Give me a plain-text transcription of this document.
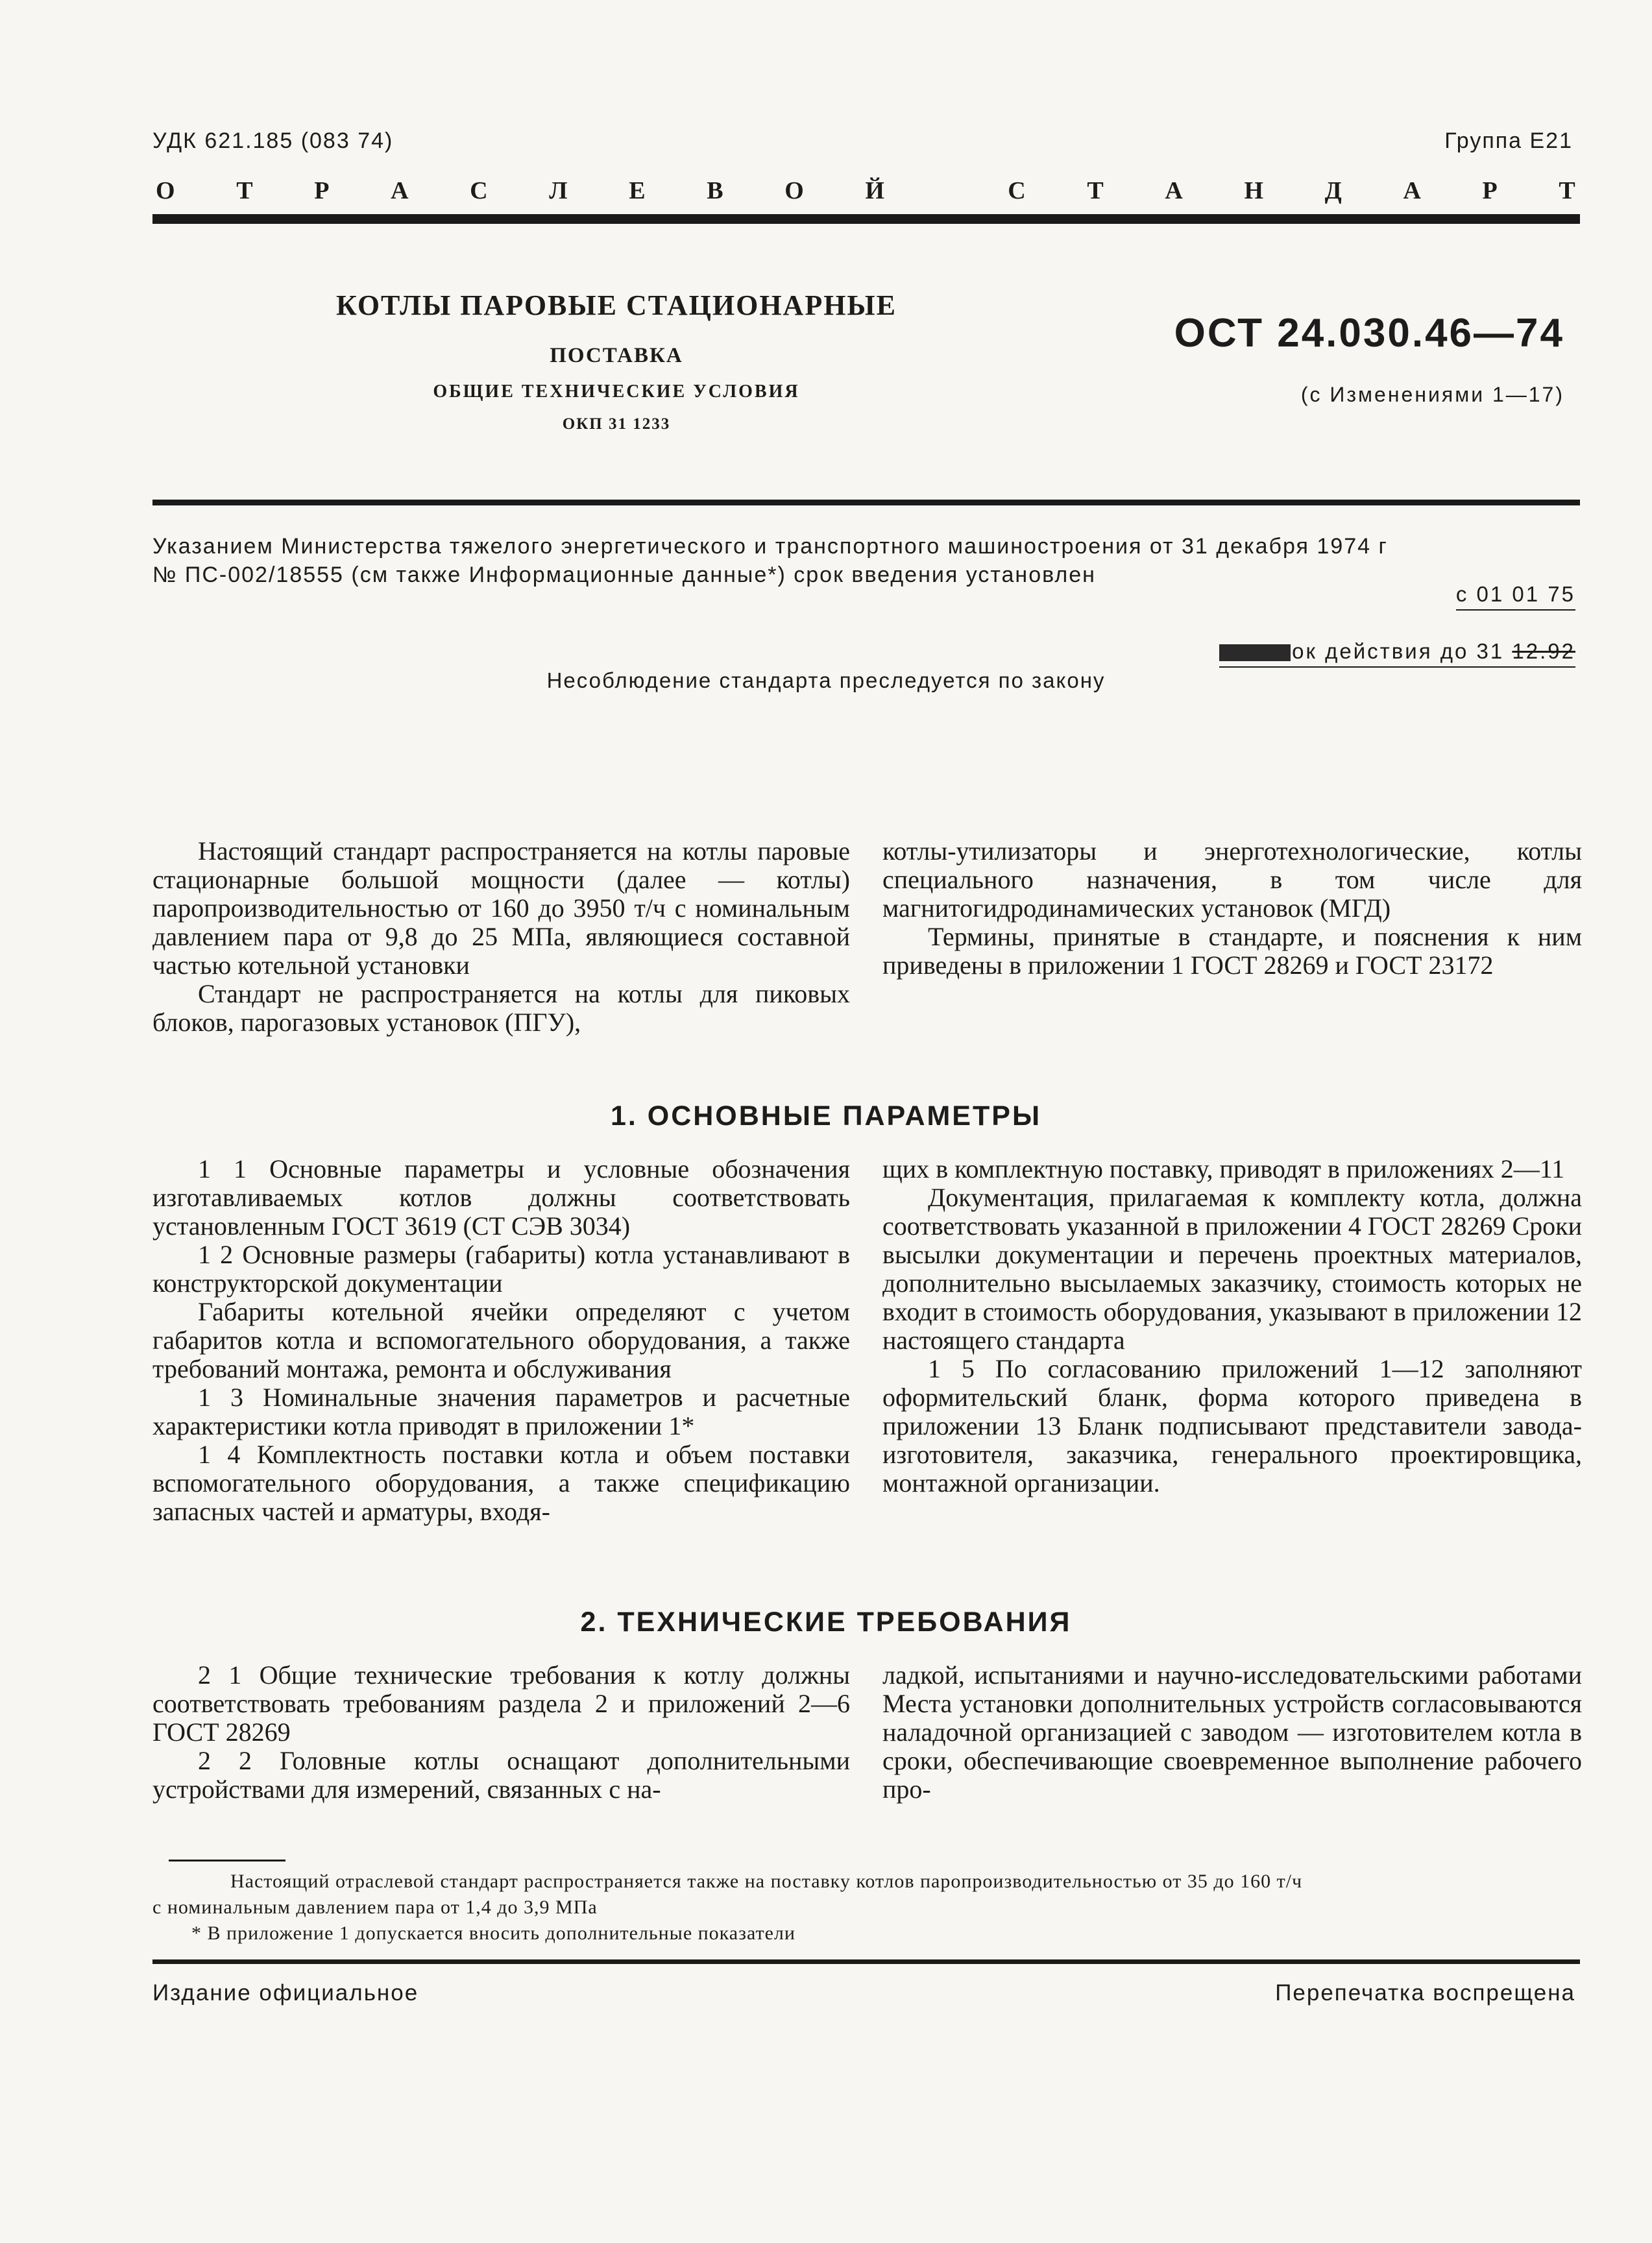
УДК 621.185 (083 74)	Группа Е21
О Т Р А С Л Е В О Й	С Т А Н Д А Р Т
КОТЛЫ ПАРОВЫЕ СТАЦИОНАРНЫЕ
ПОСТАВКА
ОБЩИЕ ТЕХНИЧЕСКИЕ УСЛОВИЯ
ОКП 31 1233
ОСТ 24.030.46—74
(с Изменениями 1—17)
Указанием Министерства тяжелого энергетического и транспортного машиностроения от 31 декабря 1974 г
№ ПС-002/18555 (см также Информационные данные*) срок введения установлен
с 01 01 75
ок действия до 31 12.92
Несоблюдение стандарта преследуется по закону

Настоящий стандарт распространяется на котлы паровые стационарные большой мощности (далее — котлы) паропроизводительностью от 160 до 3950 т/ч с номинальным давлением пара от 9,8 до 25 МПа, являющиеся составной частью котельной установки

Стандарт не распространяется на котлы для пиковых блоков, парогазовых установок (ПГУ),

котлы-утилизаторы и энерготехнологические, котлы специального назначения, в том числе для магнитогидродинамических установок (МГД)

Термины, принятые в стандарте, и пояснения к ним приведены в приложении 1 ГОСТ 28269 и ГОСТ 23172

1. ОСНОВНЫЕ ПАРАМЕТРЫ

1 1 Основные параметры и условные обозначения изготавливаемых котлов должны соответствовать установленным ГОСТ 3619 (СТ СЭВ 3034)

1 2 Основные размеры (габариты) котла устанавливают в конструкторской документации

Габариты котельной ячейки определяют с учетом габаритов котла и вспомогательного оборудования, а также требований монтажа, ремонта и обслуживания

1 3 Номинальные значения параметров и расчетные характеристики котла приводят в приложении 1*

1 4 Комплектность поставки котла и объем поставки вспомогательного оборудования, а также спецификацию запасных частей и арматуры, входя-

щих в комплектную поставку, приводят в приложениях 2—11

Документация, прилагаемая к комплекту котла, должна соответствовать указанной в приложении 4 ГОСТ 28269 Сроки высылки документации и перечень проектных материалов, дополнительно высылаемых заказчику, стоимость которых не входит в стоимость оборудования, указывают в приложении 12 настоящего стандарта

1 5 По согласованию приложений 1—12 заполняют оформительский бланк, форма которого приведена в приложении 13 Бланк подписывают представители завода-изготовителя, заказчика, генерального проектировщика, монтажной организации.

2. ТЕХНИЧЕСКИЕ ТРЕБОВАНИЯ

2 1 Общие технические требования к котлу должны соответствовать требованиям раздела 2 и приложений 2—6 ГОСТ 28269

2 2 Головные котлы оснащают дополнительными устройствами для измерений, связанных с на-

ладкой, испытаниями и научно-исследовательскими работами Места установки дополнительных устройств согласовываются наладочной организацией с заводом — изготовителем котла в сроки, обеспечивающие своевременное выполнение рабочего про-

Настоящий отраслевой стандарт распространяется также на поставку котлов паропроизводительностью от 35 до 160 т/ч

с номинальным давлением пара от 1,4 до 3,9 МПа

* В приложение 1 допускается вносить дополнительные показатели

Издание официальное	Перепечатка воспрещена
